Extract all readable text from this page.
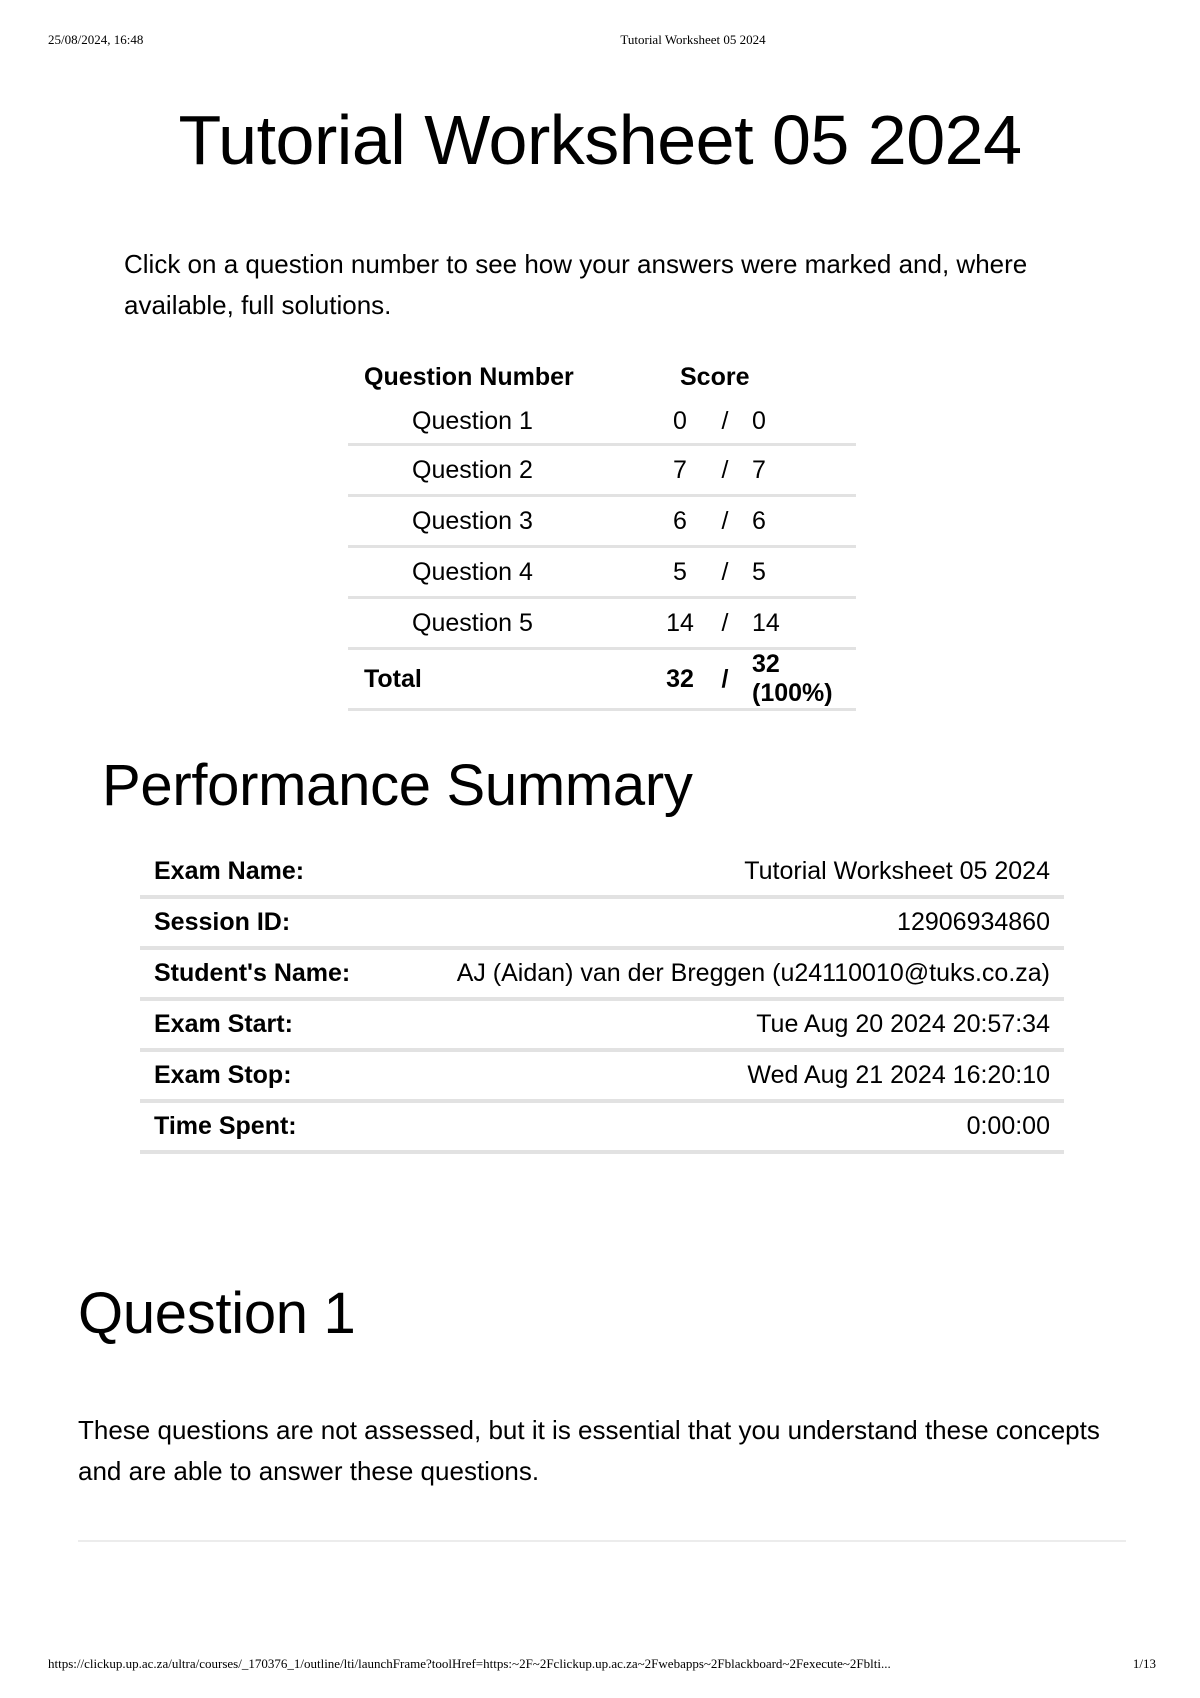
25/08/2024, 16:48	Tutorial Worksheet 05 2024
Tutorial Worksheet 05 2024

Click on a question number to see how your answers were marked and, where available, full solutions.

Question Number	Score		
Question 1	0	/	0
Question 2	7	/	7
Question 3	6	/	6
Question 4	5	/	5
Question 5	14	/	14
Total	32	/	32 (100%)
Performance Summary
Exam Name:	Tutorial Worksheet 05 2024
Session ID:	12906934860
Student's Name:	AJ (Aidan) van der Breggen (u24110010@tuks.co.za)
Exam Start:	Tue Aug 20 2024 20:57:34
Exam Stop:	Wed Aug 21 2024 16:20:10
Time Spent:	0:00:00
Question 1

These questions are not assessed, but it is essential that you understand these concepts and are able to answer these questions.

https://clickup.up.ac.za/ultra/courses/_170376_1/outline/lti/launchFrame?toolHref=https:~2F~2Fclickup.up.ac.za~2Fwebapps~2Fblackboard~2Fexecute~2Fblti...	1/13
